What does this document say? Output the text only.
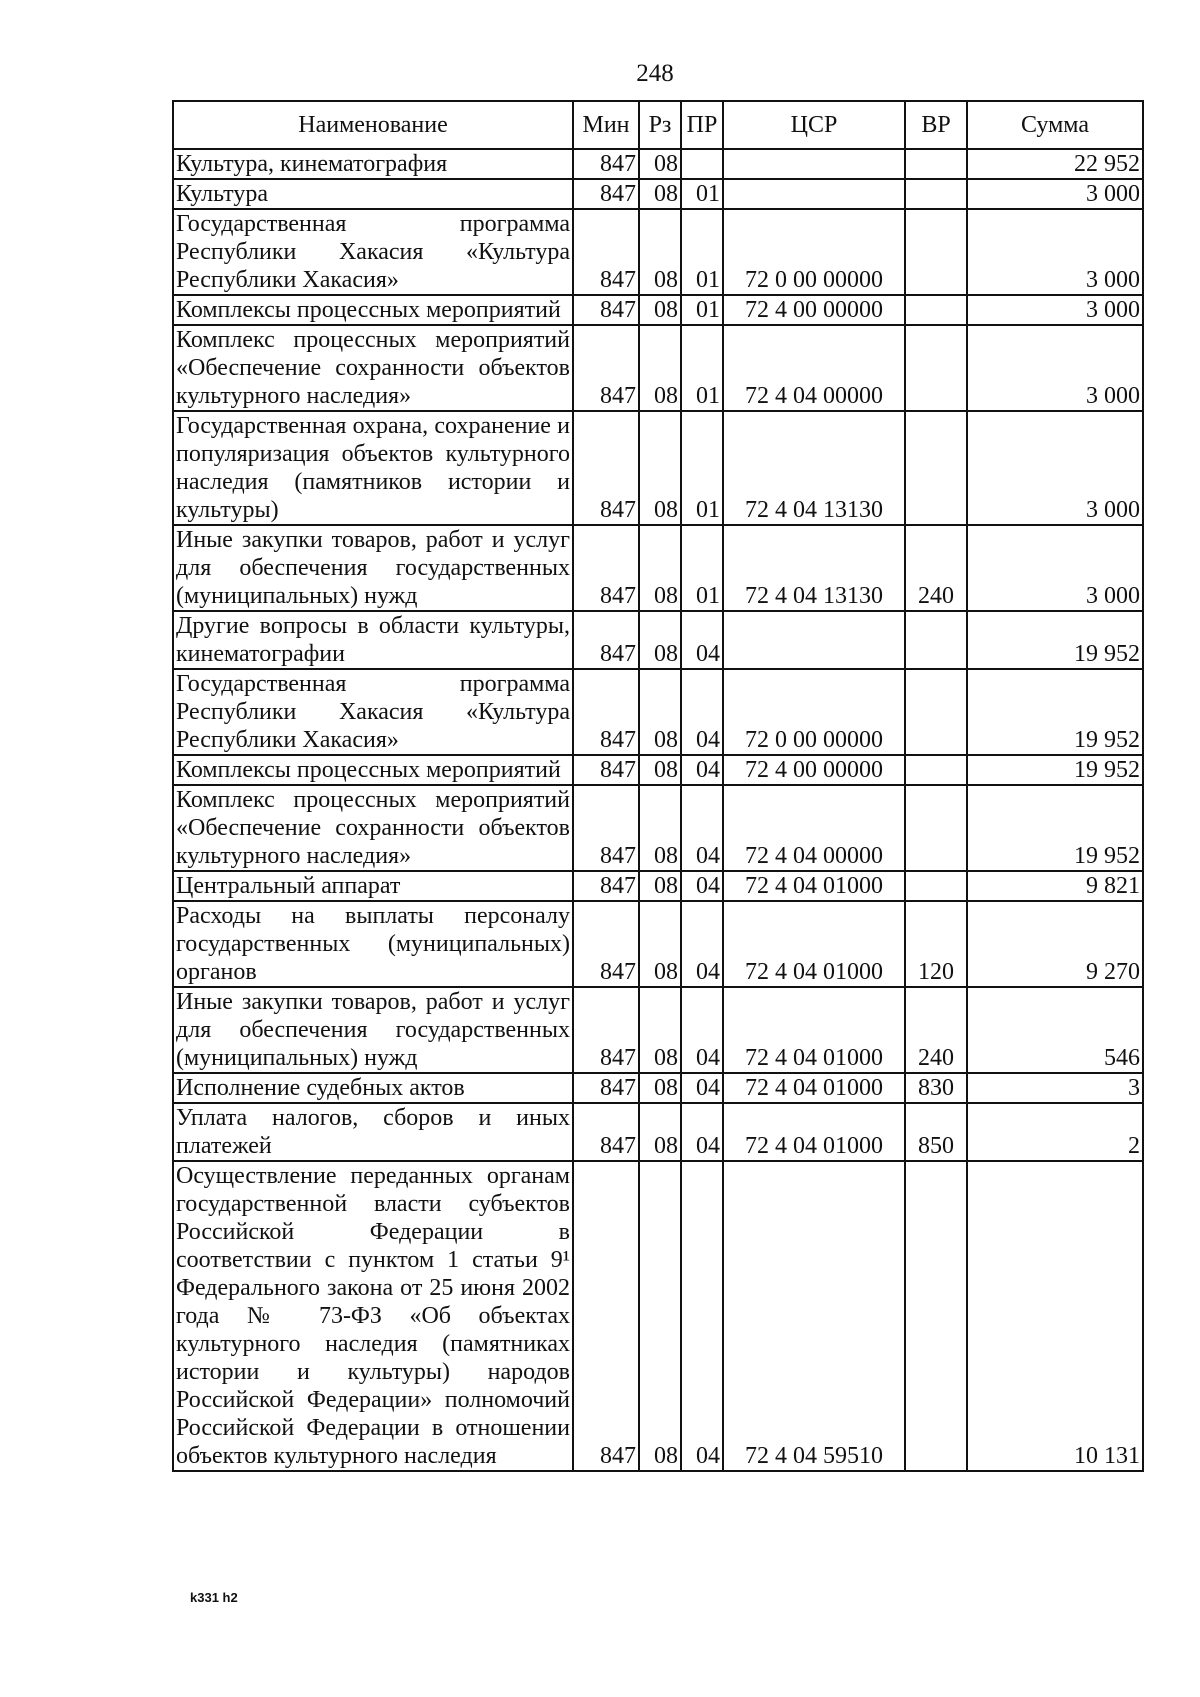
248
Наименование	Мин	Рз	ПР	ЦСР	ВР	Сумма
Культура, кинематография	847	08				22 952
Культура	847	08	01			3 000
Государственная программа Республики Хакасия «Культура Республики Хакасия»	847	08	01	72 0 00 00000		3 000
Комплексы процессных мероприятий	847	08	01	72 4 00 00000		3 000
Комплекс процессных мероприятий «Обеспечение сохранности объектов культурного наследия»	847	08	01	72 4 04 00000		3 000
Государственная охрана, сохранение и популяризация объектов культурного наследия (памятников истории и культуры)	847	08	01	72 4 04 13130		3 000
Иные закупки товаров, работ и услуг для обеспечения государственных (муниципальных) нужд	847	08	01	72 4 04 13130	240	3 000
Другие вопросы в области культуры, кинематографии	847	08	04			19 952
Государственная программа Республики Хакасия «Культура Республики Хакасия»	847	08	04	72 0 00 00000		19 952
Комплексы процессных мероприятий	847	08	04	72 4 00 00000		19 952
Комплекс процессных мероприятий «Обеспечение сохранности объектов культурного наследия»	847	08	04	72 4 04 00000		19 952
Центральный аппарат	847	08	04	72 4 04 01000		9 821
Расходы на выплаты персоналу государственных (муниципальных) органов	847	08	04	72 4 04 01000	120	9 270
Иные закупки товаров, работ и услуг для обеспечения государственных (муниципальных) нужд	847	08	04	72 4 04 01000	240	546
Исполнение судебных актов	847	08	04	72 4 04 01000	830	3
Уплата налогов, сборов и иных платежей	847	08	04	72 4 04 01000	850	2
Осуществление переданных органам государственной власти субъектов Российской Федерации в соответствии с пунктом 1 статьи 9¹ Федерального закона от 25 июня 2002 года № 73-ФЗ «Об объектах культурного наследия (памятниках истории и культуры) народов Российской Федерации» полномочий Российской Федерации в отношении объектов культурного наследия	847	08	04	72 4 04 59510		10 131
k331 h2
